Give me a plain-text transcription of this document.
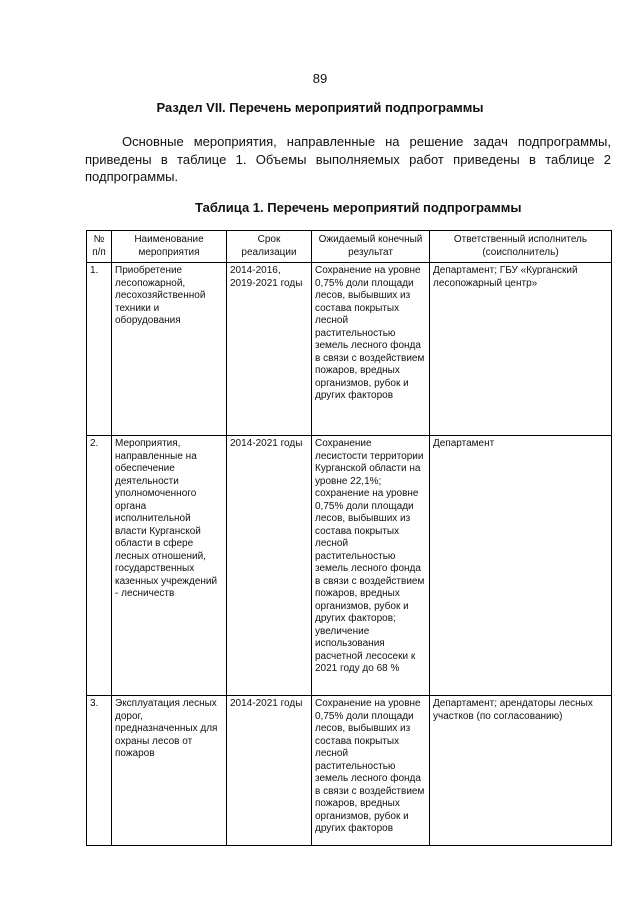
89
Раздел VII. Перечень мероприятий подпрограммы

Основные мероприятия, направленные на решение задач подпрограммы, приведены в таблице 1. Объемы выполняемых работ приведены в таблице 2 подпрограммы.

Таблица 1. Перечень мероприятий подпрограммы
№ п/п	Наименование мероприятия	Срок реализации	Ожидаемый конечный результат	Ответственный исполнитель (соисполнитель)
1.	Приобретение лесопожарной, лесохозяйственной техники и оборудования	2014-2016, 2019-2021 годы	Сохранение на уровне 0,75% доли площади лесов, выбывших из состава покрытых лесной растительностью земель лесного фонда в связи с воздействием пожаров, вредных организмов, рубок и других факторов	Департамент; ГБУ «Курганский лесопожарный центр»
2.	Мероприятия, направленные на обеспечение деятельности уполномоченного органа исполнительной власти Курганской области в сфере лесных отношений, государственных казенных учреждений - лесничеств	2014-2021 годы	Сохранение лесистости территории Курганской области на уровне 22,1%; сохранение на уровне 0,75% доли площади лесов, выбывших из состава покрытых лесной растительностью земель лесного фонда в связи с воздействием пожаров, вредных организмов, рубок и других факторов; увеличение использования расчетной лесосеки к 2021 году до 68 %	Департамент
3.	Эксплуатация лесных дорог, предназначенных для охраны лесов от пожаров	2014-2021 годы	Сохранение на уровне 0,75% доли площади лесов, выбывших из состава покрытых лесной растительностью земель лесного фонда в связи с воздействием пожаров, вредных организмов, рубок и других факторов	Департамент; арендаторы лесных участков (по согласованию)
